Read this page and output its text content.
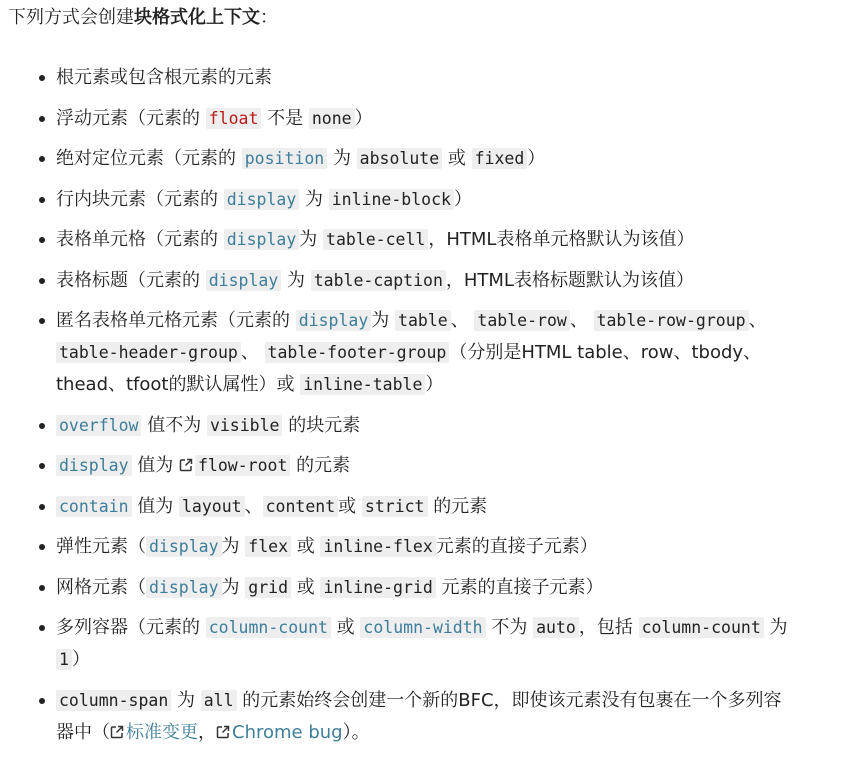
下列方式会创建块格式化上下文：
根元素或包含根元素的元素
浮动元素（元素的 float 不是 none ）
绝对定位元素（元素的 position 为 absolute 或 fixed ）
行内块元素（元素的 display 为 inline-block ）
表格单元格（元素的 display 为 table-cell ，HTML表格单元格默认为该值）
表格标题（元素的 display 为 table-caption ，HTML表格标题默认为该值）
匿名表格单元格元素（元素的 display 为 table 、 table-row 、 table-row-group 、table-header-group 、 table-footer-group （分别是HTML table、row、tbody、thead、tfoot的默认属性）或 inline-table ）
overflow 值不为 visible 的块元素
display 值为 flow-root 的元素
contain 值为 layout 、 content 或 strict 的元素
弹性元素（ display 为 flex 或 inline-flex 元素的直接子元素）
网格元素（ display 为 grid 或 inline-grid 元素的直接子元素）
多列容器（元素的 column-count 或 column-width 不为 auto ，包括 column-count 为 1 ）
column-span 为 all 的元素始终会创建一个新的BFC，即使该元素没有包裹在一个多列容器中（ 标准变更， Chrome bug）。
